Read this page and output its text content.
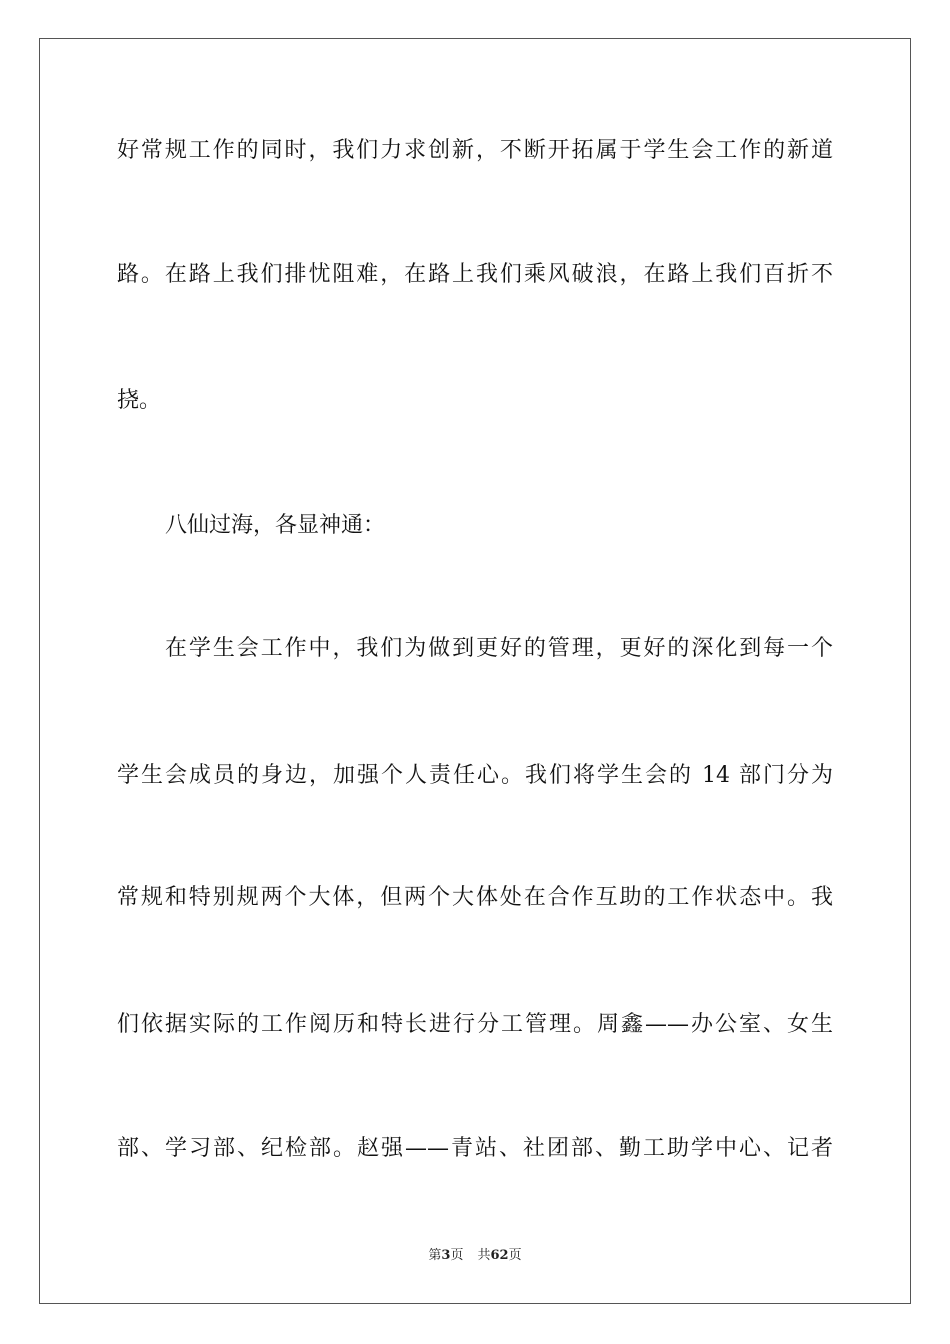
好常规工作的同时，我们力求创新，不断开拓属于学生会工作的新道
路。在路上我们排忧阻难，在路上我们乘风破浪，在路上我们百折不
挠。
八仙过海，各显神通：
在学生会工作中，我们为做到更好的管理，更好的深化到每一个
学生会成员的身边，加强个人责任心。我们将学生会的 14 部门分为
常规和特别规两个大体，但两个大体处在合作互助的工作状态中。我
们依据实际的工作阅历和特长进行分工管理。周鑫——办公室、女生
部、学习部、纪检部。赵强——青站、社团部、勤工助学中心、记者
第3页 共62页
